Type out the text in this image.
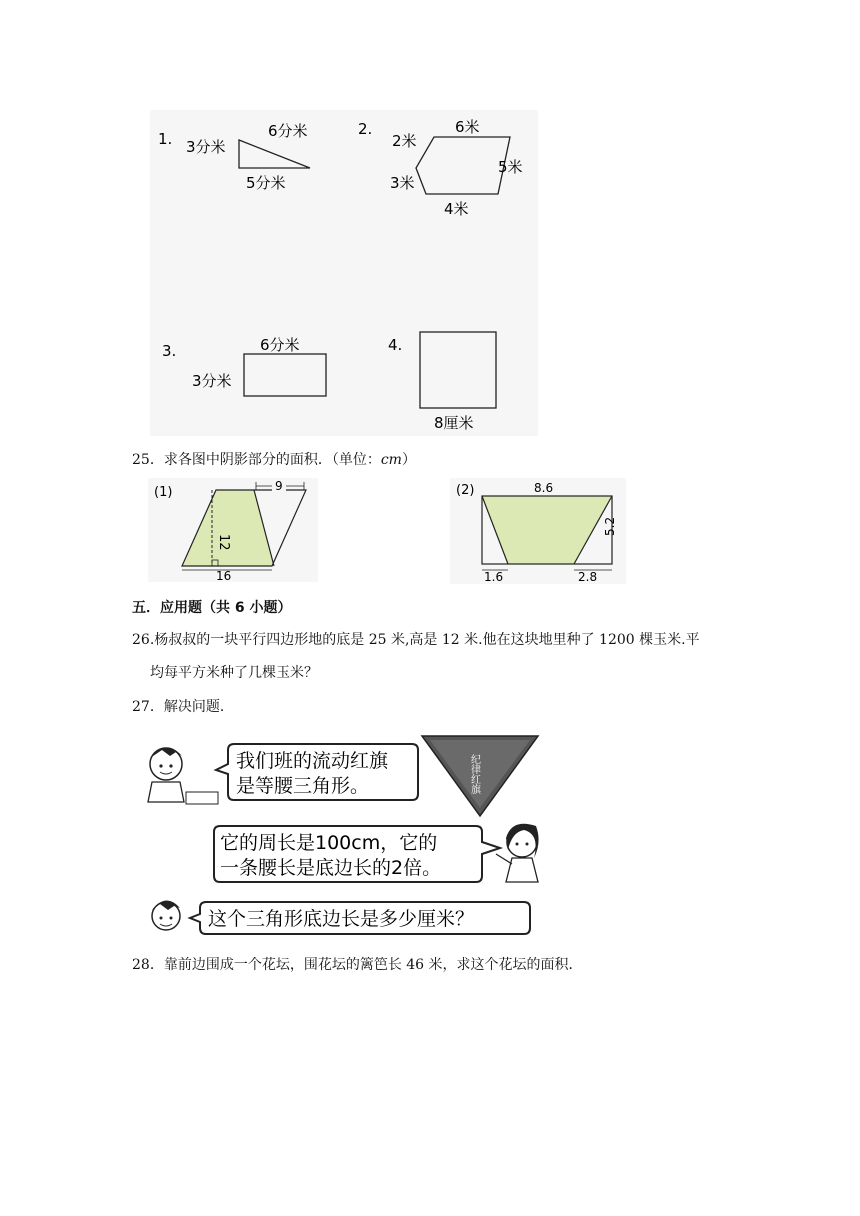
1. 3分米
6分米
5分米
2.	6米
2米
3米
5米
4米
3.	6分米
3分米
4.
8厘米
25．求各图中阴影部分的面积．（单位：cm）
(1)
12
9
16
(2)	8.6
5.2
1.6	2.8
五．应用题（共 6 小题）
26.杨叔叔的一块平行四边形地的底是 25 米,高是 12 米.他在这块地里种了 1200 棵玉米.平
均每平方米种了几棵玉米？
27．解决问题．
我们班的流动红旗
是等腰三角形。	纪律红旗
它的周长是100cm，它的
一条腰长是底边长的2倍。
这个三角形底边长是多少厘米？
28．靠前边围成一个花坛，围花坛的篱笆长 46 米，求这个花坛的面积．
